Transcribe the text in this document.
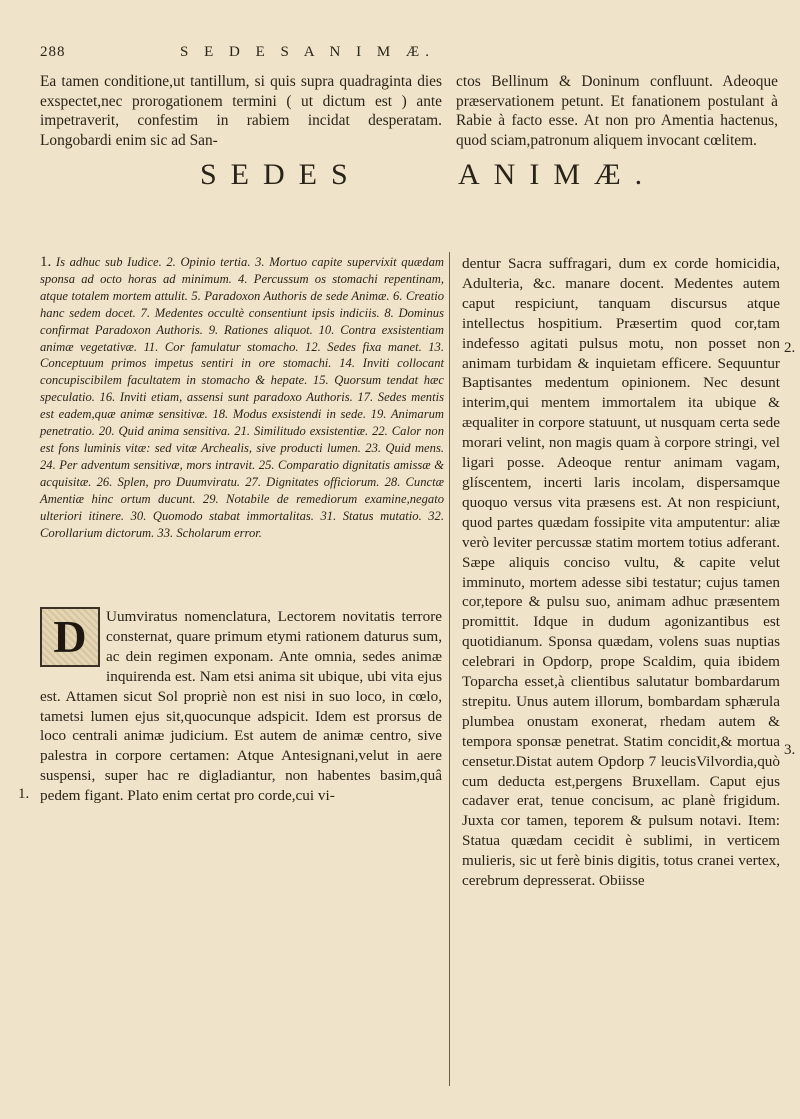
288	S E D E S A N I M Æ.

Ea tamen conditione,ut tantillum, si quis supra quadraginta dies exspectet,nec prorogationem termini ( ut dictum est ) ante impetraverit, confestim in rabiem incidat desperatam. Longobardi enim sic ad San-

ctos Bellinum & Doninum confluunt. Adeoque præservationem petunt. Et fanationem postulant à Rabie à facto esse. At non pro Amentia hactenus, quod sciam,patronum aliquem invocant cœlitem.

SEDES	ANIMÆ.
1. Is adhuc sub Iudice. 2. Opinio tertia. 3. Mortuo capite supervixit quædam sponsa ad octo horas ad minimum. 4. Percussum os stomachi repentinam, atque totalem mortem attulit. 5. Paradoxon Authoris de sede Animæ. 6. Creatio hanc sedem docet. 7. Medentes occultè consentiunt ipsis indiciis. 8. Dominus confirmat Paradoxon Authoris. 9. Rationes aliquot. 10. Contra exsistentiam animæ vegetativæ. 11. Cor famulatur stomacho. 12. Sedes fixa manet. 13. Conceptuum primos impetus sentiri in ore stomachi. 14. Inviti collocant concupiscibilem facultatem in stomacho & hepate. 15. Quorsum tendat hæc speculatio. 16. Inviti etiam, assensi sunt paradoxo Authoris. 17. Sedes mentis est eadem,quæ animæ sensitivæ. 18. Modus exsistendi in sede. 19. Animarum penetratio. 20. Quid anima sensitiva. 21. Similitudo exsistentiæ. 22. Calor non est fons luminis vitæ: sed vitæ Archealis, sive producti lumen. 23. Quid mens. 24. Per adventum sensitivæ, mors intravit. 25. Comparatio dignitatis amissæ & acquisitæ. 26. Splen, pro Duumviratu. 27. Dignitates officiorum. 28. Cunctæ Amentiæ hinc ortum ducunt. 29. Notabile de remediorum examine,negato ulteriori itinere. 30. Quomodo stabat immortalitas. 31. Status mutatio. 32. Corollarium dictorum. 33. Scholarum error.
D	Uumviratus nomenclatura, Lectorem novitatis terrore consternat, quare primum etymi rationem daturus sum, ac dein regimen exponam. Ante omnia, sedes animæ inquirenda est. Nam etsi anima sit ubique, ubi vita ejus est. Attamen sicut Sol propriè non est nisi in suo loco, in cœlo, tametsi lumen ejus sit,quocunque adspicit. Idem est prorsus de loco centrali animæ judicium. Est autem de animæ centro, sive palestra in corpore certamen: Atque Antesignani,velut in aere suspensi, super hac re digladiantur, non habentes basim,quâ pedem figant. Plato enim certat pro corde,cui vi-

dentur Sacra suffragari, dum ex corde homicidia, Adulteria, &c. manare docent. Medentes autem caput respiciunt, tanquam discursus atque intellectus hospitium. Præsertim quod cor,tam indefesso agitati pulsus motu, non posset non animam turbidam & inquietam efficere. Sequuntur Baptisantes medentum opinionem. Nec desunt interim,qui mentem immortalem ita ubique & æqualiter in corpore statuunt, ut nusquam certa sede morari velint, non magis quam à corpore stringi, vel ligari posse. Adeoque rentur animam vagam, glíscentem, incerti laris incolam, dispersamque quoquo versus vita præsens est. At non respiciunt, quod partes quædam fossipite vita amputentur: aliæ verò leviter percussæ statim mortem totius adferant. Sæpe aliquis conciso vultu, & capite velut imminuto, mortem adesse sibi testatur; cujus tamen cor,tepore & pulsu suo, animam adhuc præsentem promittit. Idque in dudum agonizantibus est quotidianum. Sponsa quædam, volens suas nuptias celebrari in Opdorp, prope Scaldim, quia ibidem Toparcha esset,à clientibus salutatur bombardarum strepitu. Unus autem illorum, bombardam sphærula plumbea onustam exonerat, rhedam autem & tempora sponsæ penetrat. Statim concidit,& mortua censetur.Distat autem Opdorp 7 leucisVilvordia,quò cum deducta est,pergens Bruxellam. Caput ejus cadaver erat, tenue concisum, ac planè frigidum. Juxta cor tamen, teporem & pulsum notavi. Item: Statua quædam cecidit è sublimi, in verticem mulieris, sic ut ferè binis digitis, totus cranei vertex, cerebrum depresserat. Obiisse

1.
2.
3.
